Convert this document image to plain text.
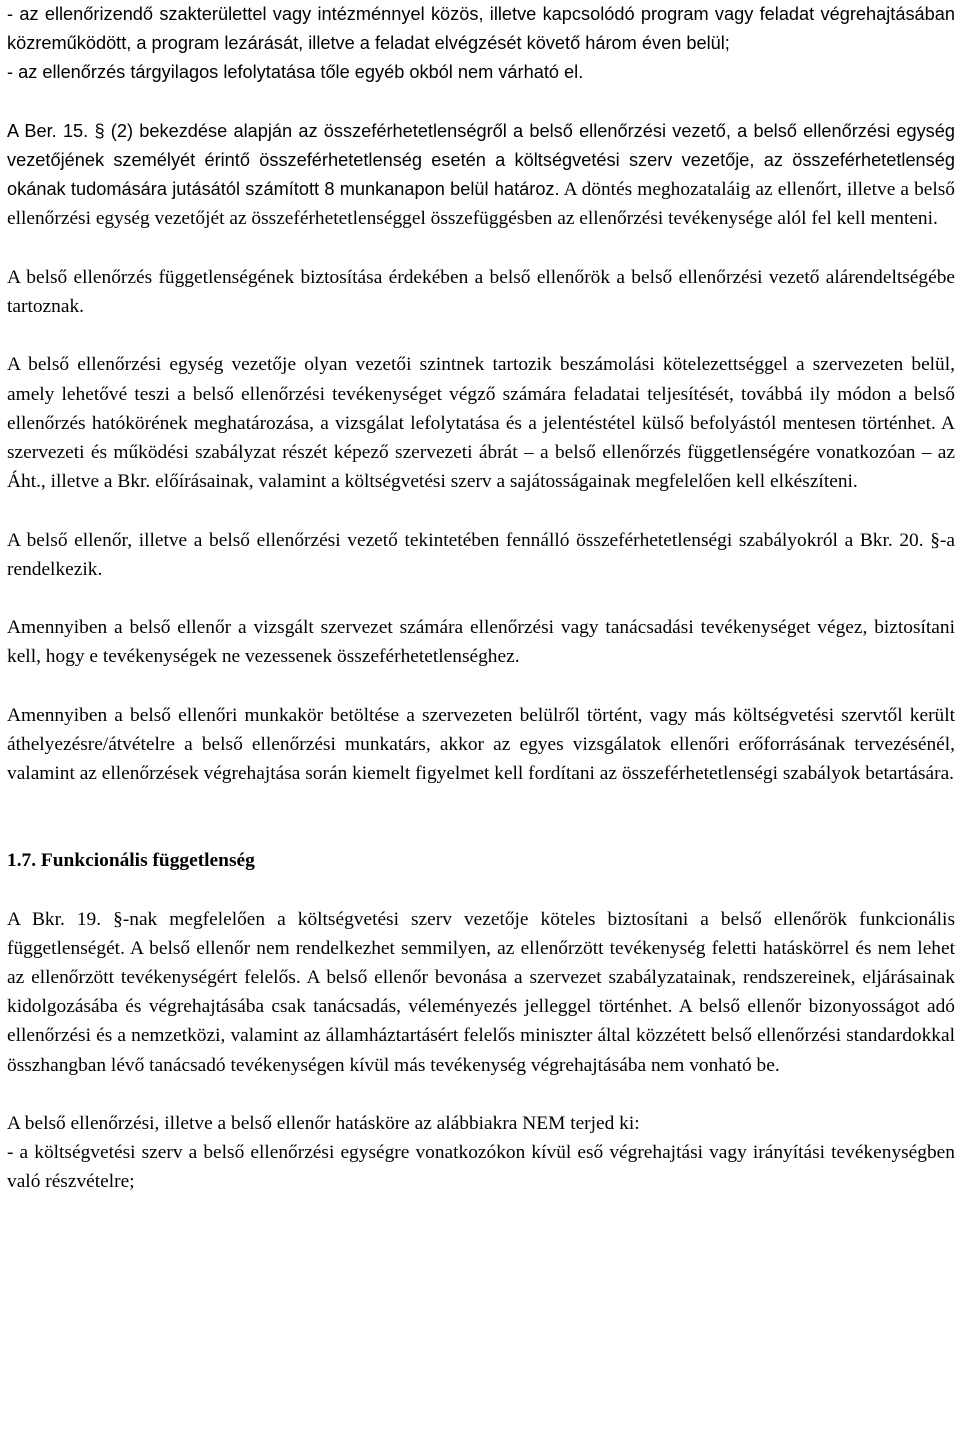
- az ellenőrizendő szakterülettel vagy intézménnyel közös, illetve kapcsolódó program vagy feladat végrehajtásában közreműködött, a program lezárását, illetve a feladat elvégzését követő három éven belül;

- az ellenőrzés tárgyilagos lefolytatása tőle egyéb okból nem várható el.

A Ber. 15. § (2) bekezdése alapján az összeférhetetlenségről a belső ellenőrzési vezető, a belső ellenőrzési egység vezetőjének személyét érintő összeférhetetlenség esetén a költségvetési szerv vezetője, az összeférhetetlenség okának tudomására jutásától számított 8 munkanapon belül határoz. A döntés meghozataláig az ellenőrt, illetve a belső ellenőrzési egység vezetőjét az összeférhetetlenséggel összefüggésben az ellenőrzési tevékenysége alól fel kell menteni.

A belső ellenőrzés függetlenségének biztosítása érdekében a belső ellenőrök a belső ellenőrzési vezető alárendeltségébe tartoznak.

A belső ellenőrzési egység vezetője olyan vezetői szintnek tartozik beszámolási kötelezettséggel a szervezeten belül, amely lehetővé teszi a belső ellenőrzési tevékenységet végző számára feladatai teljesítését, továbbá ily módon a belső ellenőrzés hatókörének meghatározása, a vizsgálat lefolytatása és a jelentéstétel külső befolyástól mentesen történhet. A szervezeti és működési szabályzat részét képező szervezeti ábrát – a belső ellenőrzés függetlenségére vonatkozóan – az Áht., illetve a Bkr. előírásainak, valamint a költségvetési szerv a sajátosságainak megfelelően kell elkészíteni.

A belső ellenőr, illetve a belső ellenőrzési vezető tekintetében fennálló összeférhetetlenségi szabályokról a Bkr. 20. §-a rendelkezik.

Amennyiben a belső ellenőr a vizsgált szervezet számára ellenőrzési vagy tanácsadási tevékenységet végez, biztosítani kell, hogy e tevékenységek ne vezessenek összeférhetetlenséghez.

Amennyiben a belső ellenőri munkakör betöltése a szervezeten belülről történt, vagy más költségvetési szervtől került áthelyezésre/átvételre a belső ellenőrzési munkatárs, akkor az egyes vizsgálatok ellenőri erőforrásának tervezésénél, valamint az ellenőrzések végrehajtása során kiemelt figyelmet kell fordítani az összeférhetetlenségi szabályok betartására.

1.7. Funkcionális függetlenség

A Bkr. 19. §-nak megfelelően a költségvetési szerv vezetője köteles biztosítani a belső ellenőrök funkcionális függetlenségét. A belső ellenőr nem rendelkezhet semmilyen, az ellenőrzött tevékenység feletti hatáskörrel és nem lehet az ellenőrzött tevékenységért felelős. A belső ellenőr bevonása a szervezet szabályzatainak, rendszereinek, eljárásainak kidolgozásába és végrehajtásába csak tanácsadás, véleményezés jelleggel történhet. A belső ellenőr bizonyosságot adó ellenőrzési és a nemzetközi, valamint az államháztartásért felelős miniszter által közzétett belső ellenőrzési standardokkal összhangban lévő tanácsadó tevékenységen kívül más tevékenység végrehajtásába nem vonható be.

A belső ellenőrzési, illetve a belső ellenőr hatásköre az alábbiakra NEM terjed ki:

- a költségvetési szerv a belső ellenőrzési egységre vonatkozókon kívül eső végrehajtási vagy irányítási tevékenységben való részvételre;
